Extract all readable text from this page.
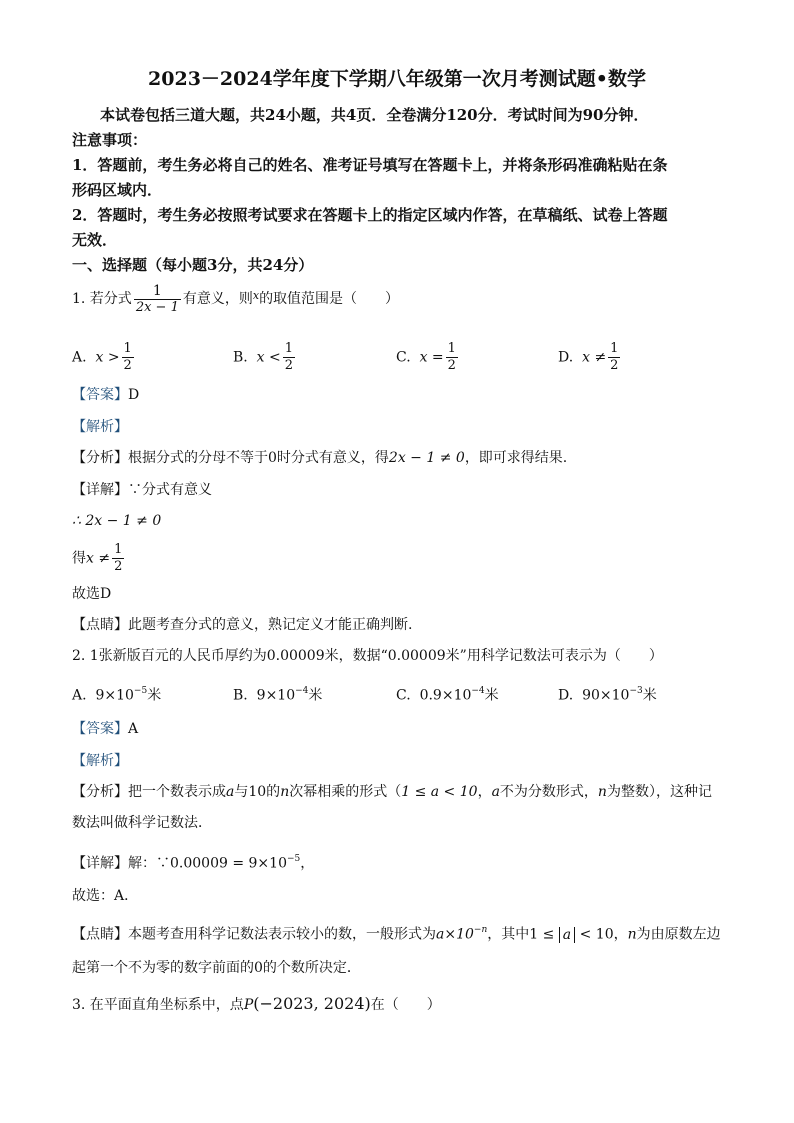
2023－2024学年度下学期八年级第一次月考测试题•数学
本试卷包括三道大题，共24小题，共4页．全卷满分120分．考试时间为90分钟．
注意事项：
1．答题前，考生务必将自己的姓名、准考证号填写在答题卡上，并将条形码准确粘贴在条
形码区域内．
2．答题时，考生务必按照考试要求在答题卡上的指定区域内作答，在草稿纸、试卷上答题
无效．
一、选择题（每小题3分，共24分）
1. 若分式 $\frac{1}{2x - 1}$ 有意义，则$^x$的取值范围是（　　）
A. $x > \frac{1}{2}$	B. $x < \frac{1}{2}$	C. $x = \frac{1}{2}$	D. $x \ne \frac{1}{2}$
【答案】D
【解析】
【分析】根据分式的分母不等于0时分式有意义，得2x − 1 ≠ 0，即可求得结果.
【详解】∵分式有意义
∴ 2x − 1 ≠ 0
得$x \ne \frac{1}{2}$
故选D
【点睛】此题考查分式的意义，熟记定义才能正确判断.
2. 1张新版百元的人民币厚约为0.00009米，数据“0.00009米”用科学记数法可表示为（　　）
A. $9\times 10^{-5}$米	B. $9\times 10^{-4}$米	C. $0.9\times 10^{-4}$米	D. $90\times 10^{-3}$米
【答案】A
【解析】
【分析】把一个数表示成a与10的n次幂相乘的形式（1 ≤ a < 10，a不为分数形式，n为整数），这种记
数法叫做科学记数法．
【详解】解：∵0.00009 = $9\times 10^{-5}$，
故选：A．
【点睛】本题考查用科学记数法表示较小的数，一般形式为$a\times 10^{-n}$，其中1 ≤ a < 10，n为由原数左边
起第一个不为零的数字前面的0的个数所决定．
3. 在平面直角坐标系中，点P(−2023, 2024)在（　　）
